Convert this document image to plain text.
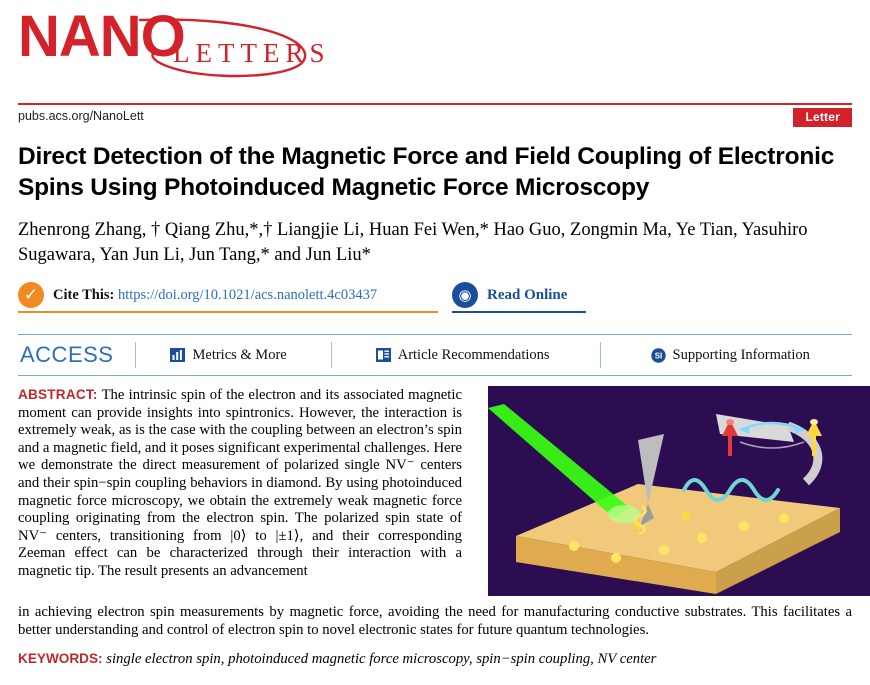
NANO
LETTERS
pubs.acs.org/NanoLett	Letter
Direct Detection of the Magnetic Force and Field Coupling of Electronic Spins Using Photoinduced Magnetic Force Microscopy
Zhenrong Zhang, † Qiang Zhu,*,† Liangjie Li, Huan Fei Wen,* Hao Guo, Zongmin Ma, Ye Tian, Yasuhiro Sugawara, Yan Jun Li, Jun Tang,* and Jun Liu*
✓	Cite This: https://doi.org/10.1021/acs.nanolett.4c03437	◉	Read Online
ACCESS	Metrics & More	Article Recommendations	SI Supporting Information
ABSTRACT: The intrinsic spin of the electron and its associated magnetic moment can provide insights into spintronics. However, the interaction is extremely weak, as is the case with the coupling between an electron’s spin and a magnetic field, and it poses significant experimental challenges. Here we demonstrate the direct measurement of polarized single NV⁻ centers and their spin−spin coupling behaviors in diamond. By using photoinduced magnetic force microscopy, we obtain the extremely weak magnetic force coupling originating from the electron spin. The polarized spin state of NV⁻ centers, transitioning from |0⟩ to |±1⟩, and their corresponding Zeeman effect can be characterized through their interaction with a magnetic tip. The result presents an advancement
in achieving electron spin measurements by magnetic force, avoiding the need for manufacturing conductive substrates. This facilitates a better understanding and control of electron spin to novel electronic states for future quantum technologies.
KEYWORDS: single electron spin, photoinduced magnetic force microscopy, spin−spin coupling, NV center
